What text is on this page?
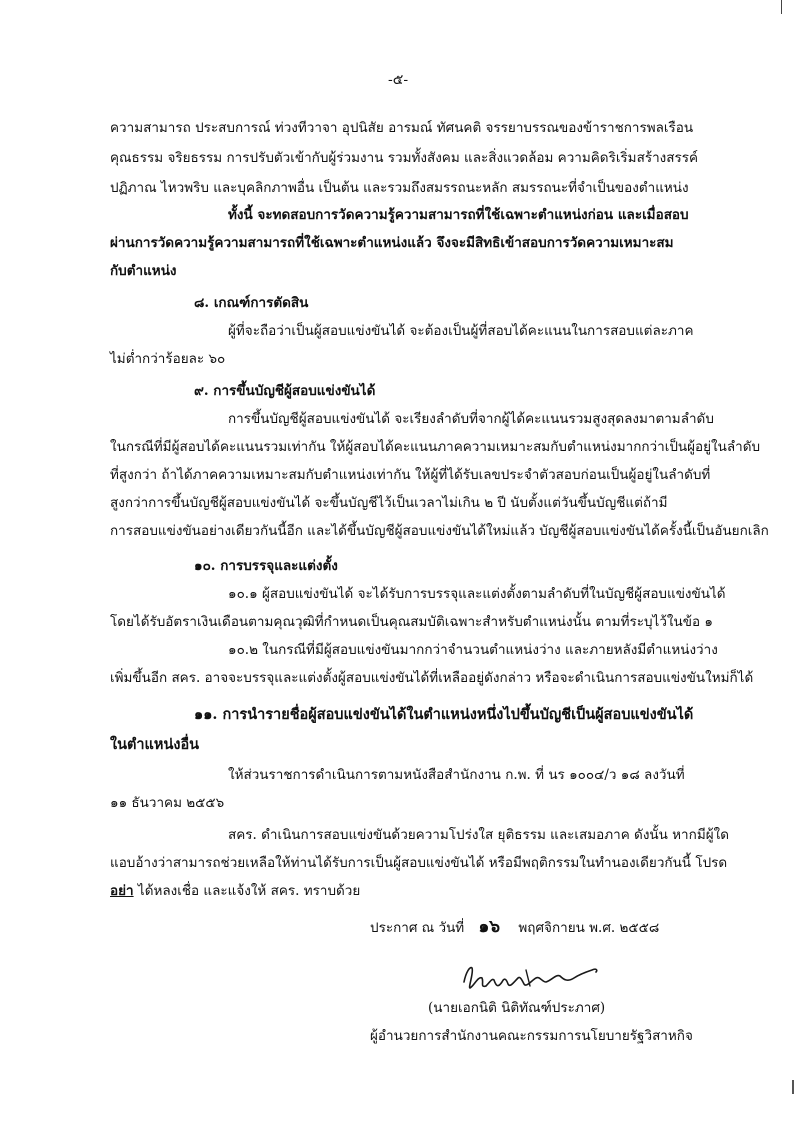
-๕-
ความสามารถ ประสบการณ์ ท่วงทีวาจา อุปนิสัย อารมณ์ ทัศนคติ จรรยาบรรณของข้าราชการพลเรือน
คุณธรรม จริยธรรม การปรับตัวเข้ากับผู้ร่วมงาน รวมทั้งสังคม และสิ่งแวดล้อม ความคิดริเริ่มสร้างสรรค์
ปฏิภาณ ไหวพริบ และบุคลิกภาพอื่น เป็นต้น และรวมถึงสมรรถนะหลัก สมรรถนะที่จำเป็นของตำแหน่ง
ทั้งนี้ จะทดสอบการวัดความรู้ความสามารถที่ใช้เฉพาะตำแหน่งก่อน และเมื่อสอบ
ผ่านการวัดความรู้ความสามารถที่ใช้เฉพาะตำแหน่งแล้ว จึงจะมีสิทธิเข้าสอบการวัดความเหมาะสม
กับตำแหน่ง
๘. เกณฑ์การตัดสิน
ผู้ที่จะถือว่าเป็นผู้สอบแข่งขันได้ จะต้องเป็นผู้ที่สอบได้คะแนนในการสอบแต่ละภาค
ไม่ต่ำกว่าร้อยละ ๖๐
๙. การขึ้นบัญชีผู้สอบแข่งขันได้
การขึ้นบัญชีผู้สอบแข่งขันได้ จะเรียงลำดับที่จากผู้ได้คะแนนรวมสูงสุดลงมาตามลำดับ
ในกรณีที่มีผู้สอบได้คะแนนรวมเท่ากัน ให้ผู้สอบได้คะแนนภาคความเหมาะสมกับตำแหน่งมากกว่าเป็นผู้อยู่ในลำดับ
ที่สูงกว่า ถ้าได้ภาคความเหมาะสมกับตำแหน่งเท่ากัน ให้ผู้ที่ได้รับเลขประจำตัวสอบก่อนเป็นผู้อยู่ในลำดับที่
สูงกว่าการขึ้นบัญชีผู้สอบแข่งขันได้ จะขึ้นบัญชีไว้เป็นเวลาไม่เกิน ๒ ปี นับตั้งแต่วันขึ้นบัญชีแต่ถ้ามี
การสอบแข่งขันอย่างเดียวกันนี้อีก และได้ขึ้นบัญชีผู้สอบแข่งขันได้ใหม่แล้ว บัญชีผู้สอบแข่งขันได้ครั้งนี้เป็นอันยกเลิก
๑๐. การบรรจุและแต่งตั้ง
๑๐.๑ ผู้สอบแข่งขันได้ จะได้รับการบรรจุและแต่งตั้งตามลำดับที่ในบัญชีผู้สอบแข่งขันได้
โดยได้รับอัตราเงินเดือนตามคุณวุฒิที่กำหนดเป็นคุณสมบัติเฉพาะสำหรับตำแหน่งนั้น ตามที่ระบุไว้ในข้อ ๑
๑๐.๒ ในกรณีที่มีผู้สอบแข่งขันมากกว่าจำนวนตำแหน่งว่าง และภายหลังมีตำแหน่งว่าง
เพิ่มขึ้นอีก สคร. อาจจะบรรจุและแต่งตั้งผู้สอบแข่งขันได้ที่เหลืออยู่ดังกล่าว หรือจะดำเนินการสอบแข่งขันใหม่ก็ได้
๑๑. การนำรายชื่อผู้สอบแข่งขันได้ในตำแหน่งหนึ่งไปขึ้นบัญชีเป็นผู้สอบแข่งขันได้
ในตำแหน่งอื่น
ให้ส่วนราชการดำเนินการตามหนังสือสำนักงาน ก.พ. ที่ นร ๑๐๐๔/ว ๑๘ ลงวันที่
๑๑ ธันวาคม ๒๕๕๖
สคร. ดำเนินการสอบแข่งขันด้วยความโปร่งใส ยุติธรรม และเสมอภาค ดังนั้น หากมีผู้ใด
แอบอ้างว่าสามารถช่วยเหลือให้ท่านได้รับการเป็นผู้สอบแข่งขันได้ หรือมีพฤติกรรมในทำนองเดียวกันนี้ โปรด
อย่า ได้หลงเชื่อ และแจ้งให้ สคร. ทราบด้วย
ประกาศ ณ วันที่ ๑๖ พฤศจิกายน พ.ศ. ๒๕๕๘
(นายเอกนิติ นิติทัณฑ์ประภาศ)
ผู้อำนวยการสำนักงานคณะกรรมการนโยบายรัฐวิสาหกิจ
